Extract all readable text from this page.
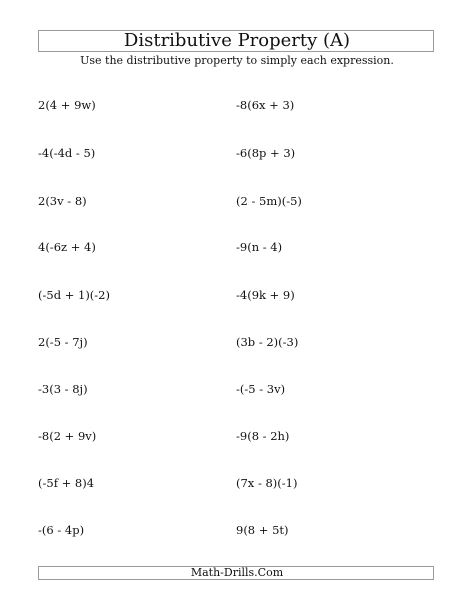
Distributive Property (A)
Use the distributive property to simply each expression.
2(4 + 9w)
-4(-4d - 5)
2(3v - 8)
4(-6z + 4)
(-5d + 1)(-2)
2(-5 - 7j)
-3(3 - 8j)
-8(2 + 9v)
(-5f + 8)4
-(6 - 4p)
-8(6x + 3)
-6(8p + 3)
(2 - 5m)(-5)
-9(n - 4)
-4(9k + 9)
(3b - 2)(-3)
-(-5 - 3v)
-9(8 - 2h)
(7x - 8)(-1)
9(8 + 5t)
Math-Drills.Com
